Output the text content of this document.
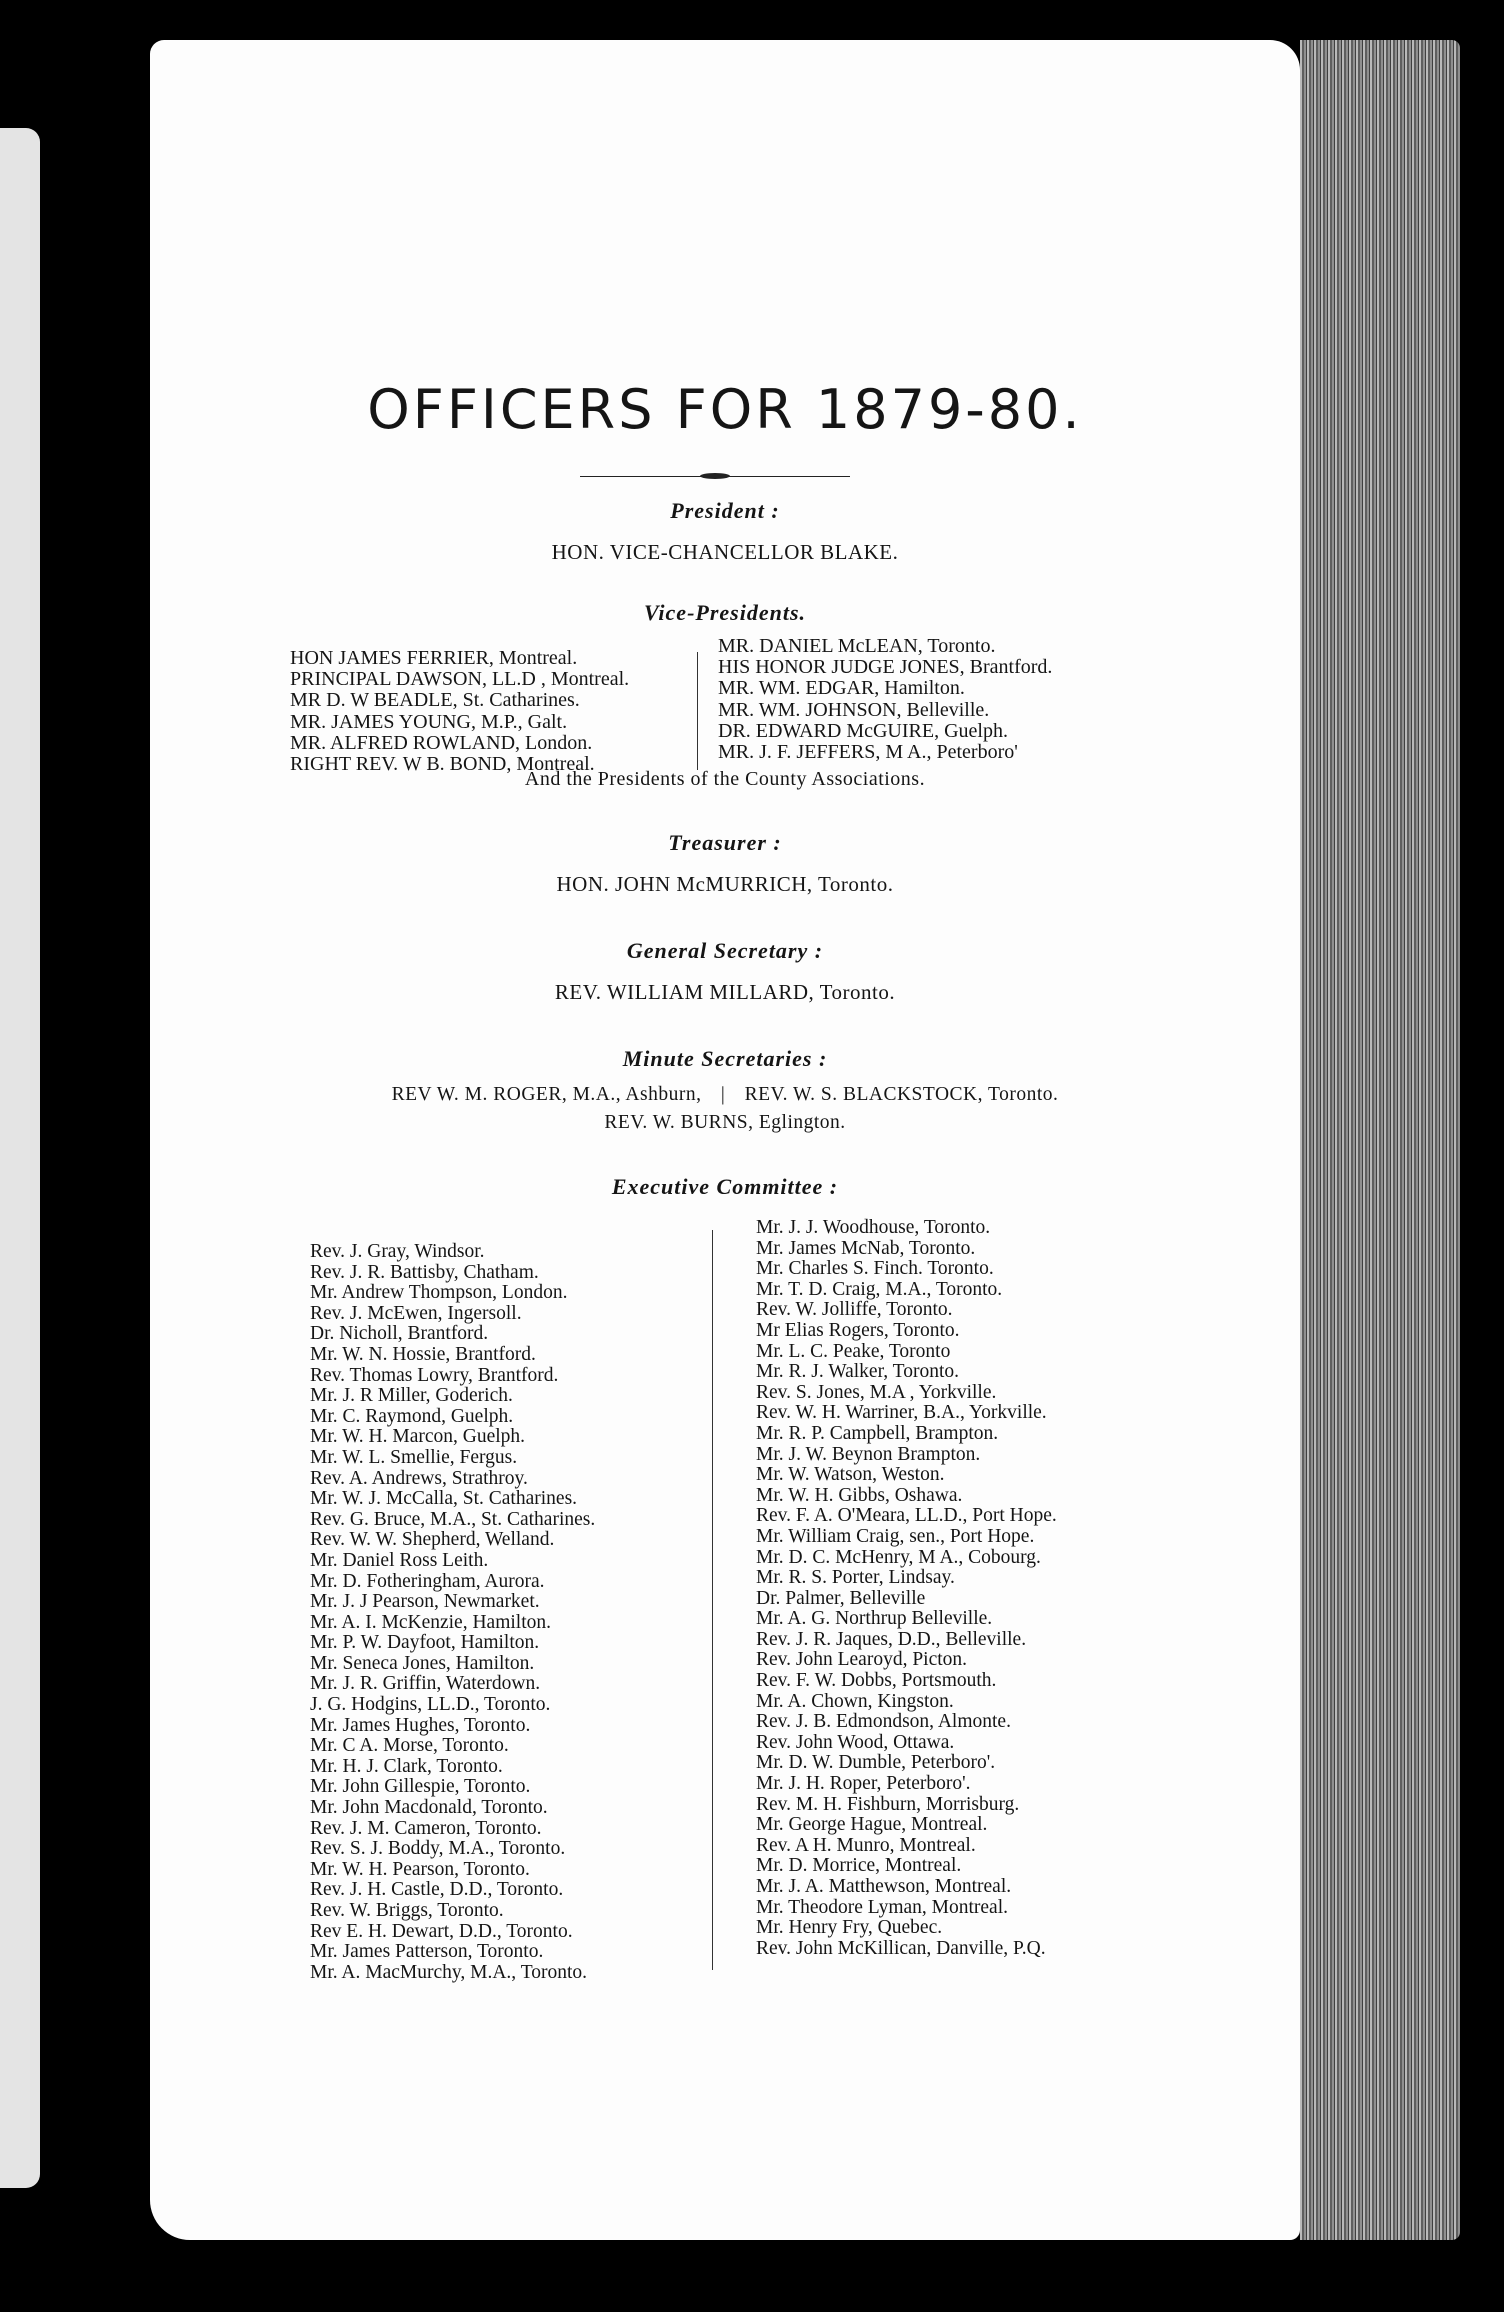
OFFICERS FOR 1879-80.
President :
HON. VICE-CHANCELLOR BLAKE.
Vice-Presidents.
HON JAMES FERRIER, Montreal.
PRINCIPAL DAWSON, LL.D , Montreal.
MR D. W BEADLE, St. Catharines.
MR. JAMES YOUNG, M.P., Galt.
MR. ALFRED ROWLAND, London.
RIGHT REV. W B. BOND, Montreal.
MR. DANIEL McLEAN, Toronto.
HIS HONOR JUDGE JONES, Brantford.
MR. WM. EDGAR, Hamilton.
MR. WM. JOHNSON, Belleville.
DR. EDWARD McGUIRE, Guelph.
MR. J. F. JEFFERS, M A., Peterboro'
And the Presidents of the County Associations.
Treasurer :
HON. JOHN McMURRICH, Toronto.
General Secretary :
REV. WILLIAM MILLARD, Toronto.
Minute Secretaries :
REV W. M. ROGER, M.A., Ashburn, | REV. W. S. BLACKSTOCK, Toronto.
REV. W. BURNS, Eglington.
Executive Committee :
Rev. J. Gray, Windsor.
Rev. J. R. Battisby, Chatham.
Mr. Andrew Thompson, London.
Rev. J. McEwen, Ingersoll.
Dr. Nicholl, Brantford.
Mr. W. N. Hossie, Brantford.
Rev. Thomas Lowry, Brantford.
Mr. J. R Miller, Goderich.
Mr. C. Raymond, Guelph.
Mr. W. H. Marcon, Guelph.
Mr. W. L. Smellie, Fergus.
Rev. A. Andrews, Strathroy.
Mr. W. J. McCalla, St. Catharines.
Rev. G. Bruce, M.A., St. Catharines.
Rev. W. W. Shepherd, Welland.
Mr. Daniel Ross Leith.
Mr. D. Fotheringham, Aurora.
Mr. J. J Pearson, Newmarket.
Mr. A. I. McKenzie, Hamilton.
Mr. P. W. Dayfoot, Hamilton.
Mr. Seneca Jones, Hamilton.
Mr. J. R. Griffin, Waterdown.
J. G. Hodgins, LL.D., Toronto.
Mr. James Hughes, Toronto.
Mr. C A. Morse, Toronto.
Mr. H. J. Clark, Toronto.
Mr. John Gillespie, Toronto.
Mr. John Macdonald, Toronto.
Rev. J. M. Cameron, Toronto.
Rev. S. J. Boddy, M.A., Toronto.
Mr. W. H. Pearson, Toronto.
Rev. J. H. Castle, D.D., Toronto.
Rev. W. Briggs, Toronto.
Rev E. H. Dewart, D.D., Toronto.
Mr. James Patterson, Toronto.
Mr. A. MacMurchy, M.A., Toronto.
Mr. J. J. Woodhouse, Toronto.
Mr. James McNab, Toronto.
Mr. Charles S. Finch. Toronto.
Mr. T. D. Craig, M.A., Toronto.
Rev. W. Jolliffe, Toronto.
Mr Elias Rogers, Toronto.
Mr. L. C. Peake, Toronto
Mr. R. J. Walker, Toronto.
Rev. S. Jones, M.A , Yorkville.
Rev. W. H. Warriner, B.A., Yorkville.
Mr. R. P. Campbell, Brampton.
Mr. J. W. Beynon Brampton.
Mr. W. Watson, Weston.
Mr. W. H. Gibbs, Oshawa.
Rev. F. A. O'Meara, LL.D., Port Hope.
Mr. William Craig, sen., Port Hope.
Mr. D. C. McHenry, M A., Cobourg.
Mr. R. S. Porter, Lindsay.
Dr. Palmer, Belleville
Mr. A. G. Northrup Belleville.
Rev. J. R. Jaques, D.D., Belleville.
Rev. John Learoyd, Picton.
Rev. F. W. Dobbs, Portsmouth.
Mr. A. Chown, Kingston.
Rev. J. B. Edmondson, Almonte.
Rev. John Wood, Ottawa.
Mr. D. W. Dumble, Peterboro'.
Mr. J. H. Roper, Peterboro'.
Rev. M. H. Fishburn, Morrisburg.
Mr. George Hague, Montreal.
Rev. A H. Munro, Montreal.
Mr. D. Morrice, Montreal.
Mr. J. A. Matthewson, Montreal.
Mr. Theodore Lyman, Montreal.
Mr. Henry Fry, Quebec.
Rev. John McKillican, Danville, P.Q.
